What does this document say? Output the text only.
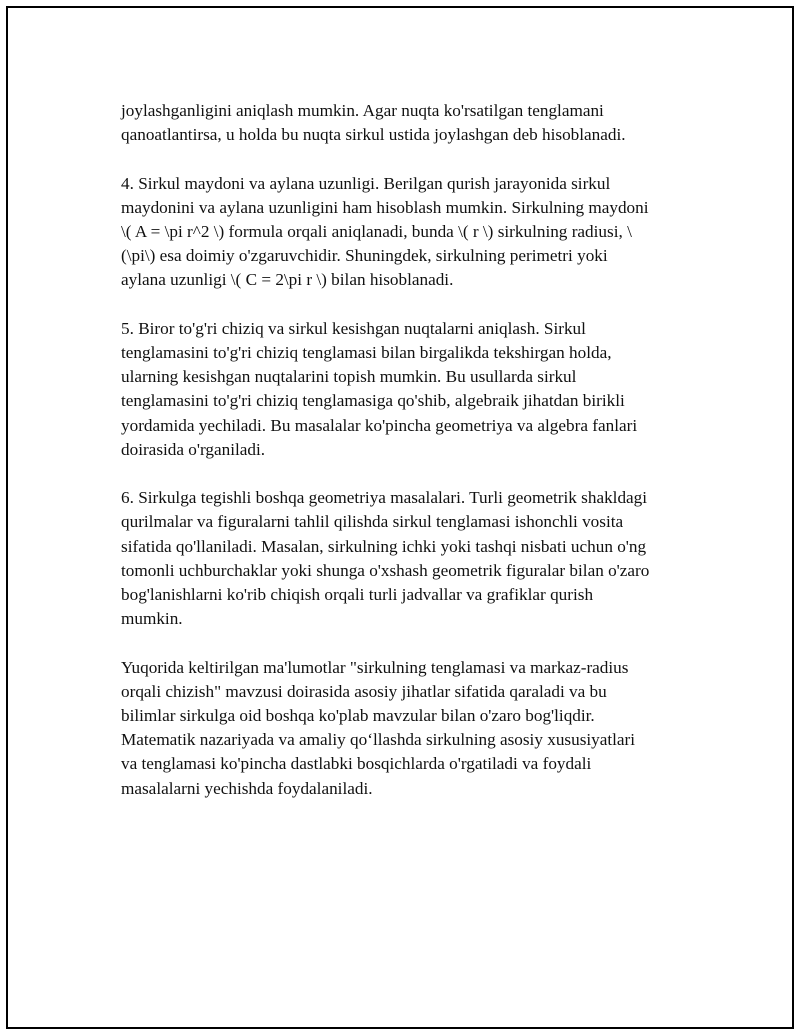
joylashganligini aniqlash mumkin. Agar nuqta ko'rsatilgan tenglamani
qanoatlantirsa, u holda bu nuqta sirkul ustida joylashgan deb hisoblanadi.

4. Sirkul maydoni va aylana uzunligi. Berilgan qurish jarayonida sirkul
maydonini va aylana uzunligini ham hisoblash mumkin. Sirkulning maydoni
\( A = \pi r^2 \) formula orqali aniqlanadi, bunda \( r \) sirkulning radiusi, \
(\pi\) esa doimiy o'zgaruvchidir. Shuningdek, sirkulning perimetri yoki
aylana uzunligi \( C = 2\pi r \) bilan hisoblanadi.

5. Biror to'g'ri chiziq va sirkul kesishgan nuqtalarni aniqlash. Sirkul
tenglamasini to'g'ri chiziq tenglamasi bilan birgalikda tekshirgan holda,
ularning kesishgan nuqtalarini topish mumkin. Bu usullarda sirkul
tenglamasini to'g'ri chiziq tenglamasiga qo'shib, algebraik jihatdan birikli
yordamida yechiladi. Bu masalalar ko'pincha geometriya va algebra fanlari
doirasida o'rganiladi.

6. Sirkulga tegishli boshqa geometriya masalalari. Turli geometrik shakldagi
qurilmalar va figuralarni tahlil qilishda sirkul tenglamasi ishonchli vosita
sifatida qo'llaniladi. Masalan, sirkulning ichki yoki tashqi nisbati uchun o'ng
tomonli uchburchaklar yoki shunga o'xshash geometrik figuralar bilan o'zaro
bog'lanishlarni ko'rib chiqish orqali turli jadvallar va grafiklar qurish
mumkin.

Yuqorida keltirilgan ma'lumotlar "sirkulning tenglamasi va markaz-radius
orqali chizish" mavzusi doirasida asosiy jihatlar sifatida qaraladi va bu
bilimlar sirkulga oid boshqa ko'plab mavzular bilan o'zaro bog'liqdir.
Matematik nazariyada va amaliy qo‘llashda sirkulning asosiy xususiyatlari
va tenglamasi ko'pincha dastlabki bosqichlarda o'rgatiladi va foydali
masalalarni yechishda foydalaniladi.
